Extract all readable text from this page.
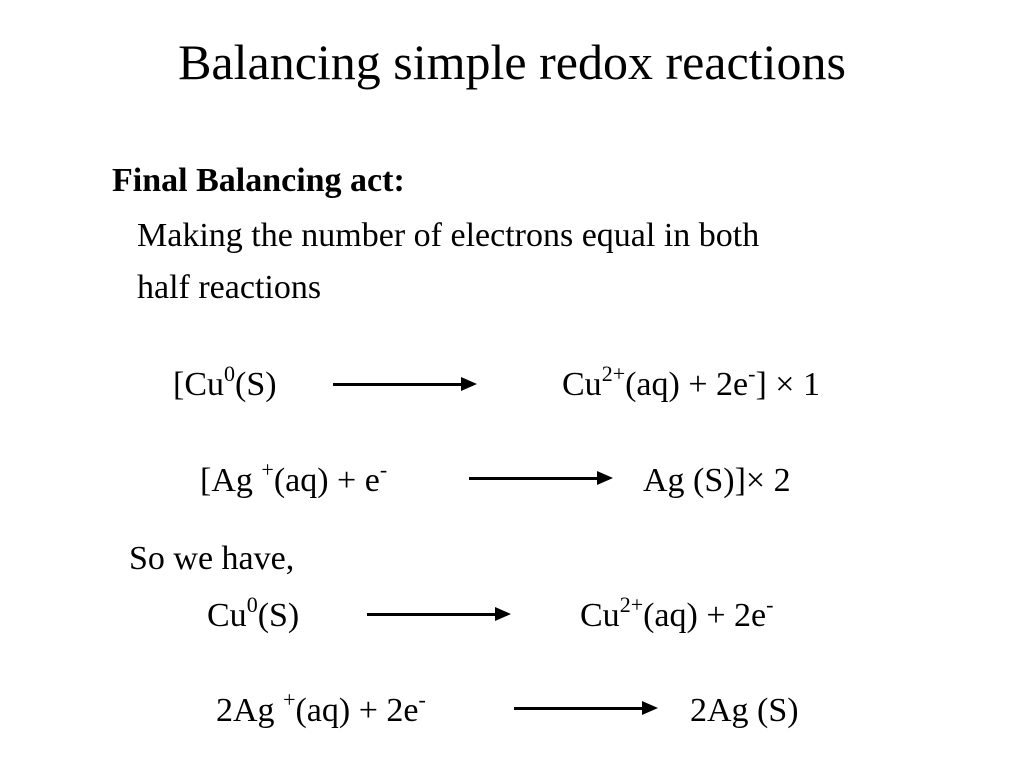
Balancing simple redox reactions
Final Balancing act:
Making the number of electrons equal in both
half reactions
[Cu$^0$(S)	$Cu^{2+}(aq) + 2e^-] \times 1$
[Ag +(aq) + e-	Ag (S)]× 2
So we have,
Cu$^0$(S)	$Cu^{2+}(aq) + 2e^-$
2Ag +(aq) + 2e-	2Ag (S)
